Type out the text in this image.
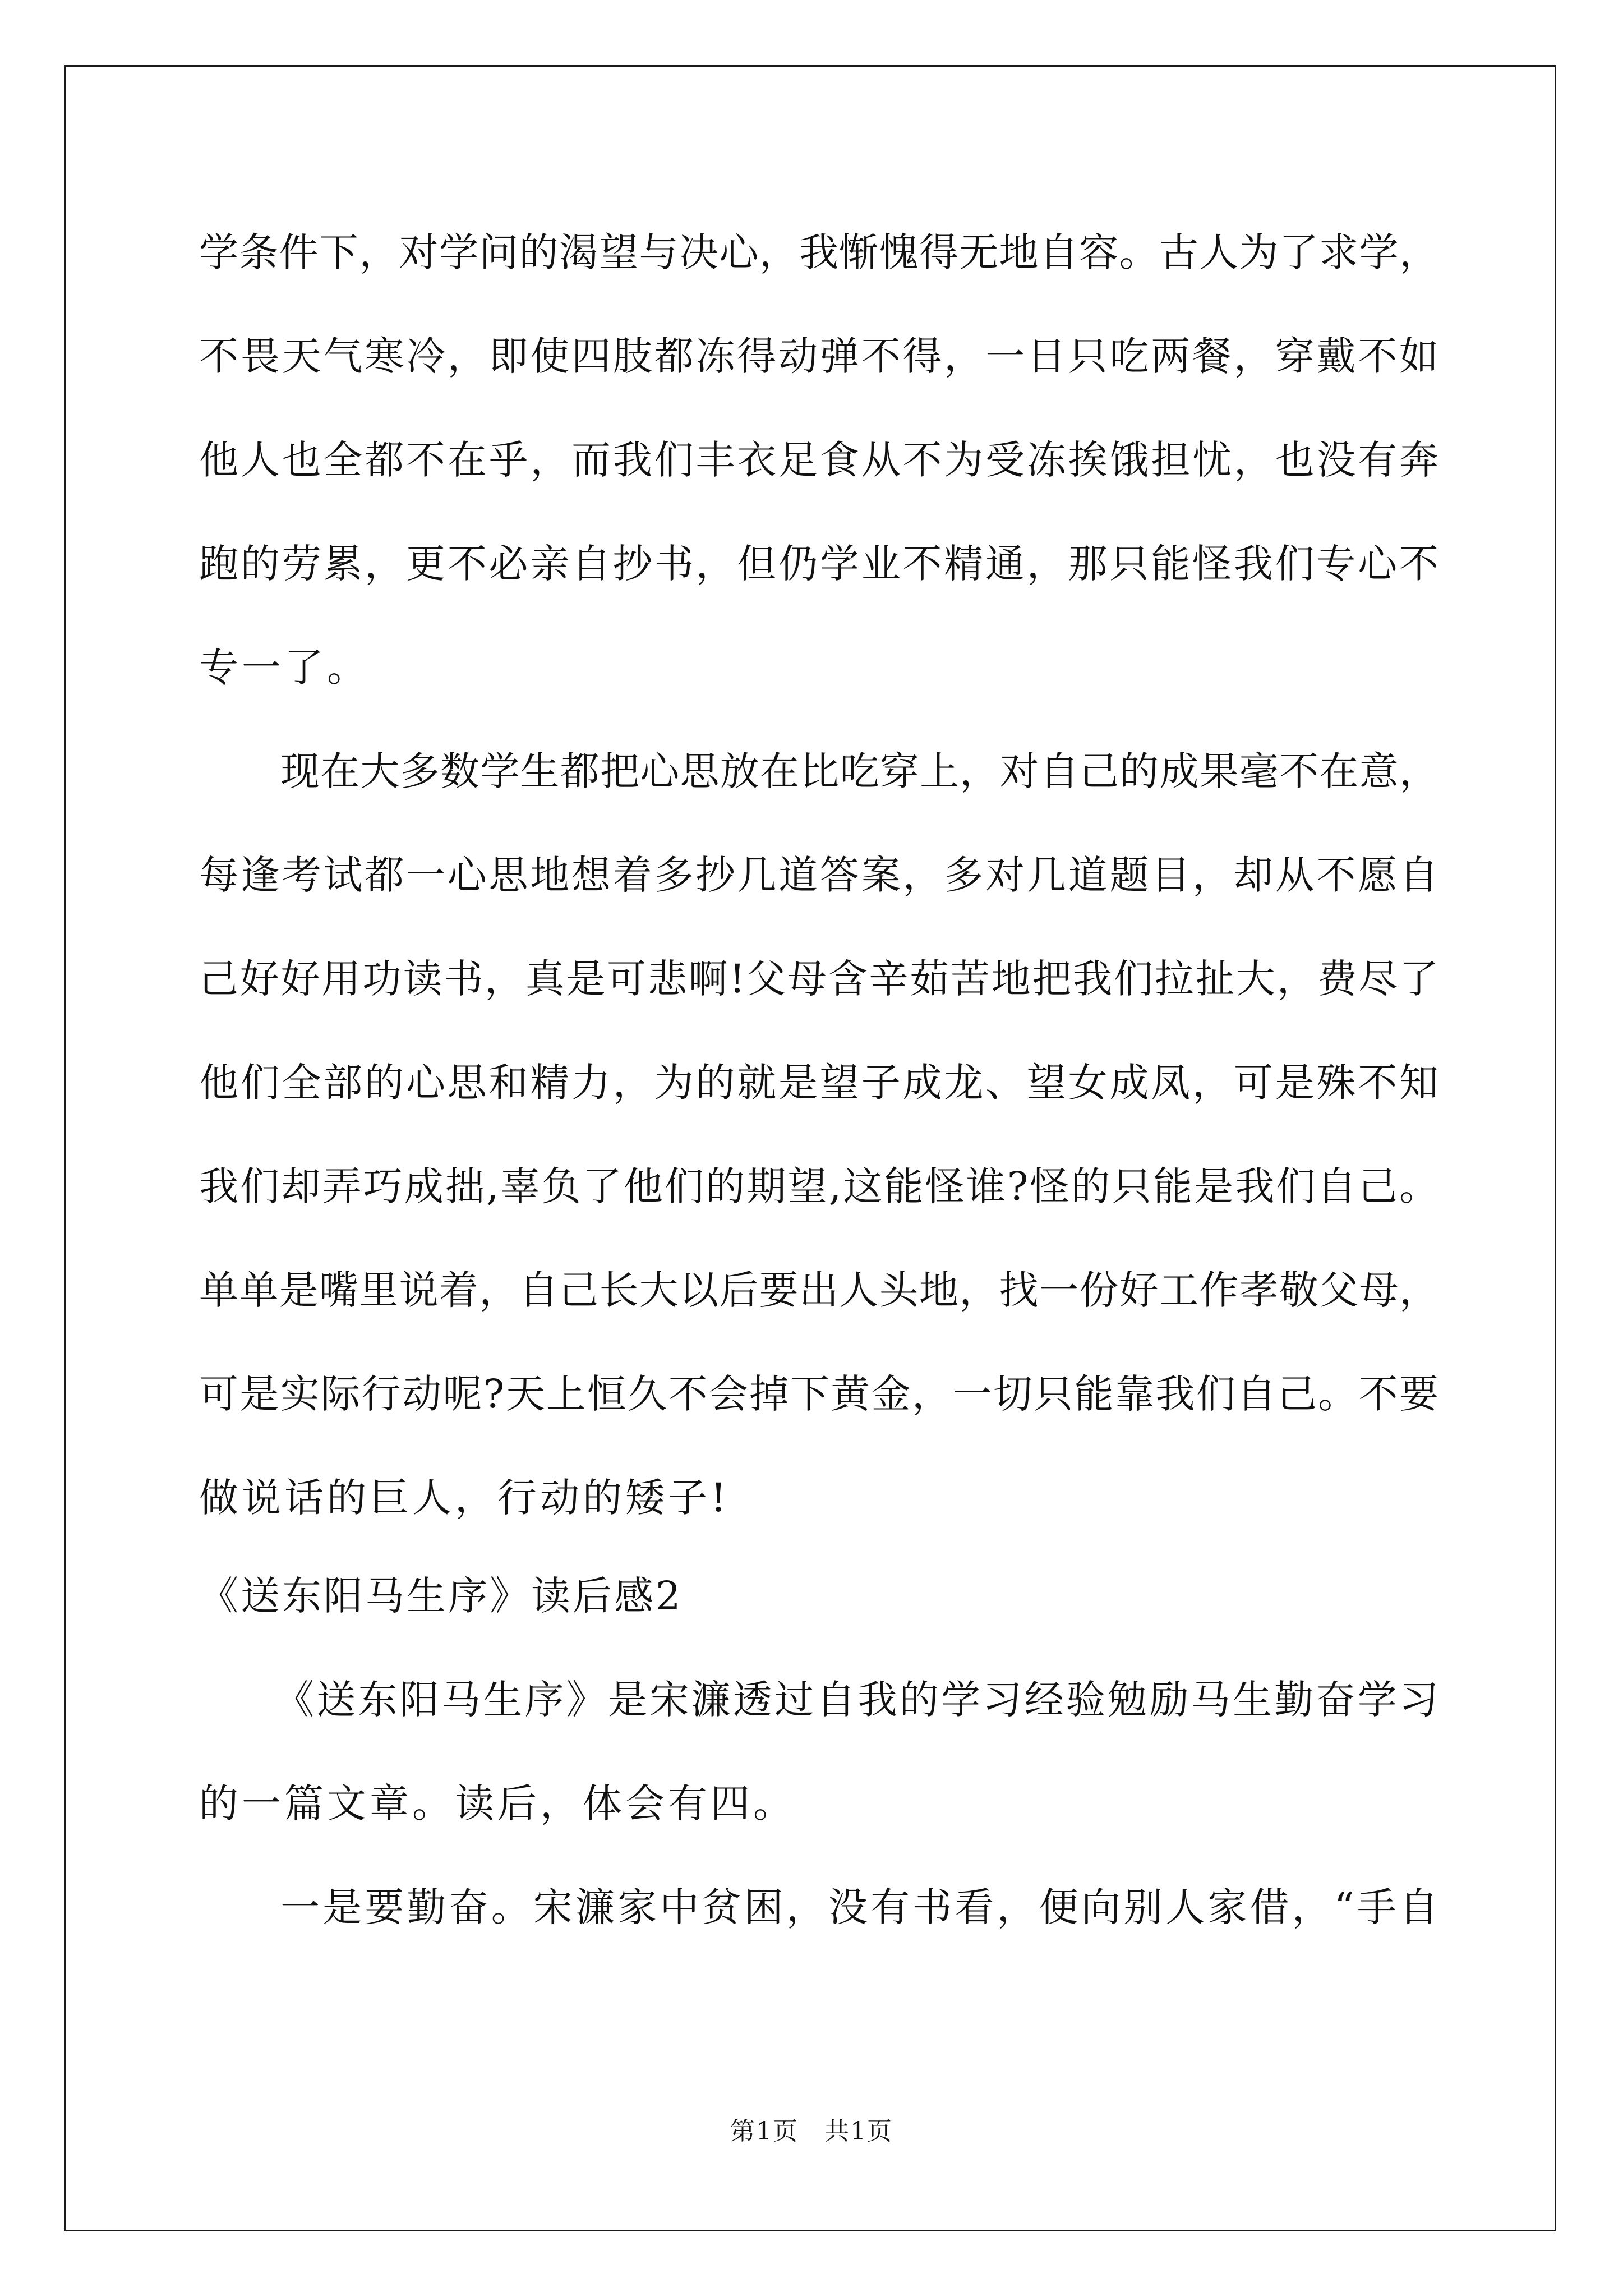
学条件下，对学问的渴望与决心，我惭愧得无地自容。古人为了求学，
不畏天气寒冷，即使四肢都冻得动弹不得，一日只吃两餐，穿戴不如
他人也全都不在乎，而我们丰衣足食从不为受冻挨饿担忧，也没有奔
跑的劳累，更不必亲自抄书，但仍学业不精通，那只能怪我们专心不
专一了。
现在大多数学生都把心思放在比吃穿上，对自己的成果毫不在意，
每逢考试都一心思地想着多抄几道答案，多对几道题目，却从不愿自
己好好用功读书，真是可悲啊!父母含辛茹苦地把我们拉扯大，费尽了
他们全部的心思和精力，为的就是望子成龙、望女成凤，可是殊不知
我们却弄巧成拙,辜负了他们的期望,这能怪谁?怪的只能是我们自己。
单单是嘴里说着，自己长大以后要出人头地，找一份好工作孝敬父母，
可是实际行动呢?天上恒久不会掉下黄金，一切只能靠我们自己。不要
做说话的巨人，行动的矮子!
《送东阳马生序》读后感2
《送东阳马生序》是宋濂透过自我的学习经验勉励马生勤奋学习
的一篇文章。读后，体会有四。
一是要勤奋。宋濂家中贫困，没有书看，便向别人家借，“手自
第1页　共1页
